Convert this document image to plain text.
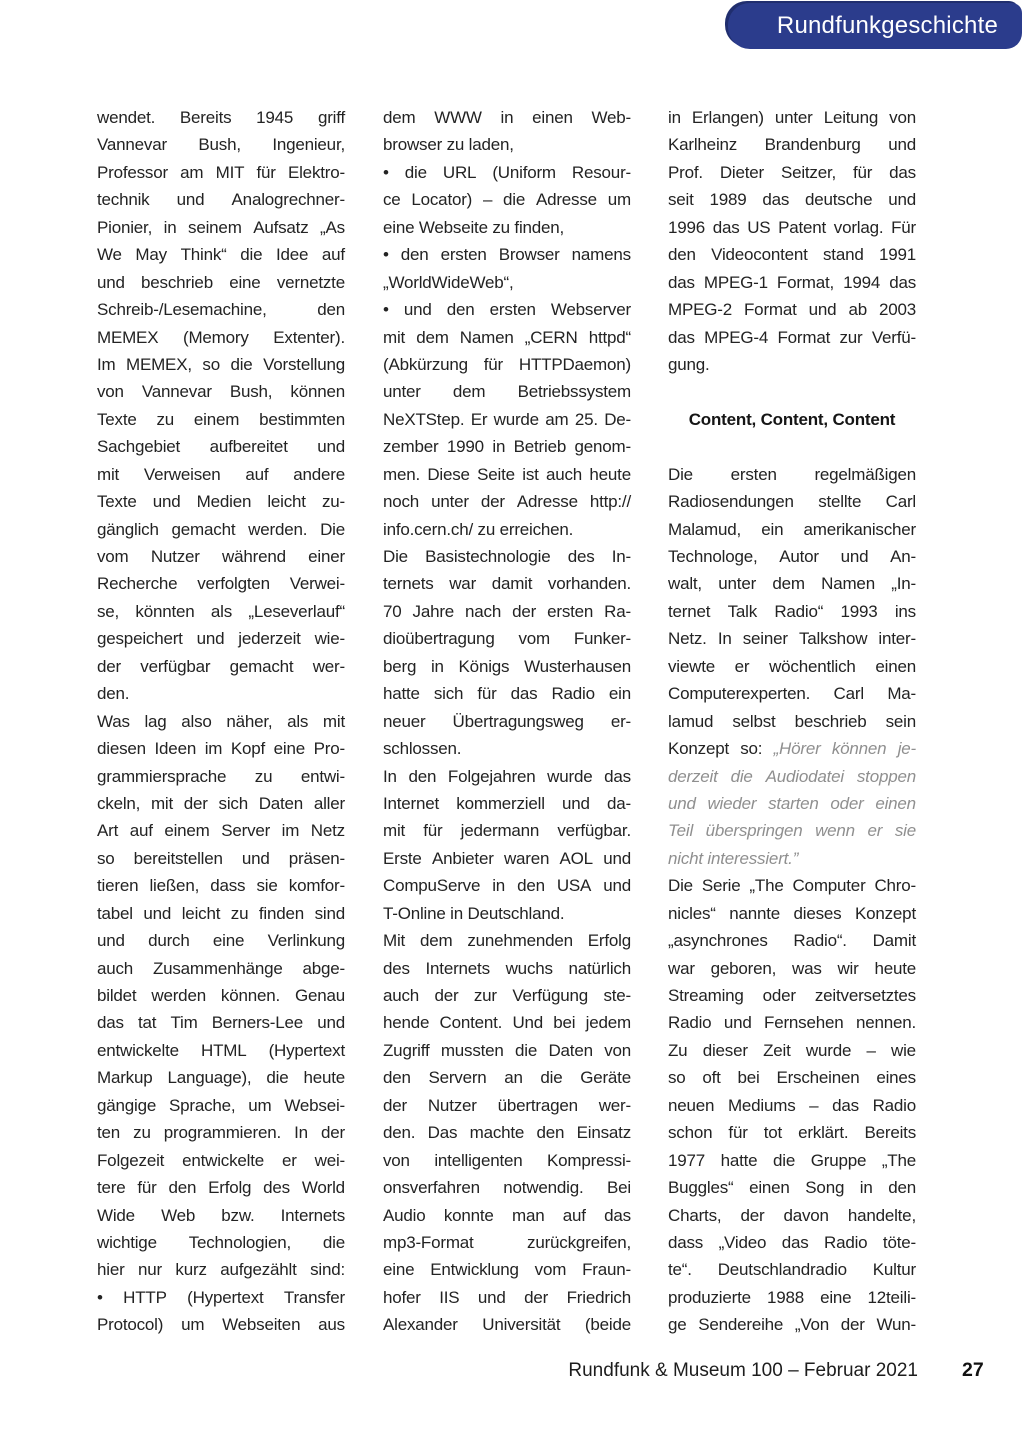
Rundfunkgeschichte
wendet. Bereits 1945 griff
Vannevar Bush, Ingenieur,
Professor am MIT für Elektro-
technik und Analogrechner-
Pionier, in seinem Aufsatz „As
We May Think“ die Idee auf
und beschrieb eine vernetzte
Schreib-/Lesemachine,	den
MEMEX (Memory Extenter).
Im MEMEX, so die Vorstellung
von Vannevar Bush, können
Texte zu einem bestimmten
Sachgebiet aufbereitet und
mit Verweisen auf andere
Texte und Medien leicht zu-
gänglich gemacht werden. Die
vom Nutzer während einer
Recherche verfolgten Verwei-
se, könnten als „Leseverlauf“
gespeichert und jederzeit wie-
der verfügbar gemacht wer-
den.
Was lag also näher, als mit
diesen Ideen im Kopf eine Pro-
grammiersprache zu entwi-
ckeln, mit der sich Daten aller
Art auf einem Server im Netz
so bereitstellen und präsen-
tieren ließen, dass sie komfor-
tabel und leicht zu finden sind
und durch eine Verlinkung
auch Zusammenhänge abge-
bildet werden können. Genau
das tat Tim Berners-Lee und
entwickelte HTML (Hypertext
Markup Language), die heute
gängige Sprache, um Websei-
ten zu programmieren. In der
Folgezeit entwickelte er wei-
tere für den Erfolg des World
Wide Web bzw. Internets
wichtige Technologien, die
hier nur kurz aufgezählt sind:
• HTTP (Hypertext Transfer
Protocol) um Webseiten aus
dem WWW in einen Web-
browser zu laden,
• die URL (Uniform Resour-
ce Locator) – die Adresse um
eine Webseite zu finden,
• den ersten Browser namens
„WorldWideWeb“,
• und den ersten Webserver
mit dem Namen „CERN httpd“
(Abkürzung für HTTPDaemon)
unter dem Betriebssystem
NeXTStep. Er wurde am 25. De-
zember 1990 in Betrieb genom-
men. Diese Seite ist auch heute
noch unter der Adresse http://
info.cern.ch/ zu erreichen.
Die Basistechnologie des In-
ternets war damit vorhanden.
70 Jahre nach der ersten Ra-
dioübertragung vom Funker-
berg in Königs Wusterhausen
hatte sich für das Radio ein
neuer Übertragungsweg er-
schlossen.
In den Folgejahren wurde das
Internet kommerziell und da-
mit für jedermann verfügbar.
Erste Anbieter waren AOL und
CompuServe in den USA und
T-Online in Deutschland.
Mit dem zunehmenden Erfolg
des Internets wuchs natürlich
auch der zur Verfügung ste-
hende Content. Und bei jedem
Zugriff mussten die Daten von
den Servern an die Geräte
der Nutzer übertragen wer-
den. Das machte den Einsatz
von intelligenten Kompressi-
onsverfahren notwendig. Bei
Audio konnte man auf das
mp3-Format	zurückgreifen,
eine Entwicklung vom Fraun-
hofer IIS und der Friedrich
Alexander Universität (beide
in Erlangen) unter Leitung von
Karlheinz Brandenburg und
Prof. Dieter Seitzer, für das
seit 1989 das deutsche und
1996 das US Patent vorlag. Für
den Videocontent stand 1991
das MPEG-1 Format, 1994 das
MPEG-2 Format und ab 2003
das MPEG-4 Format zur Verfü-
gung.
Content, Content, Content
Die ersten regelmäßigen
Radiosendungen stellte Carl
Malamud, ein amerikanischer
Technologe, Autor und An-
walt, unter dem Namen „In-
ternet Talk Radio“ 1993 ins
Netz. In seiner Talkshow inter-
viewte er wöchentlich einen
Computerexperten. Carl Ma-
lamud selbst beschrieb sein
Konzept so: „Hörer können je-
derzeit die Audiodatei stoppen
und wieder starten oder einen
Teil überspringen wenn er sie
nicht interessiert.”
Die Serie „The Computer Chro-
nicles“ nannte dieses Konzept
„asynchrones Radio“. Damit
war geboren, was wir heute
Streaming oder zeitversetztes
Radio und Fernsehen nennen.
Zu dieser Zeit wurde – wie
so oft bei Erscheinen eines
neuen Mediums – das Radio
schon für tot erklärt. Bereits
1977 hatte die Gruppe „The
Buggles“ einen Song in den
Charts, der davon handelte,
dass „Video das Radio töte-
te“. Deutschlandradio Kultur
produzierte 1988 eine 12teili-
ge Sendereihe „Von der Wun-
Rundfunk & Museum 100 – Februar 2021 27
